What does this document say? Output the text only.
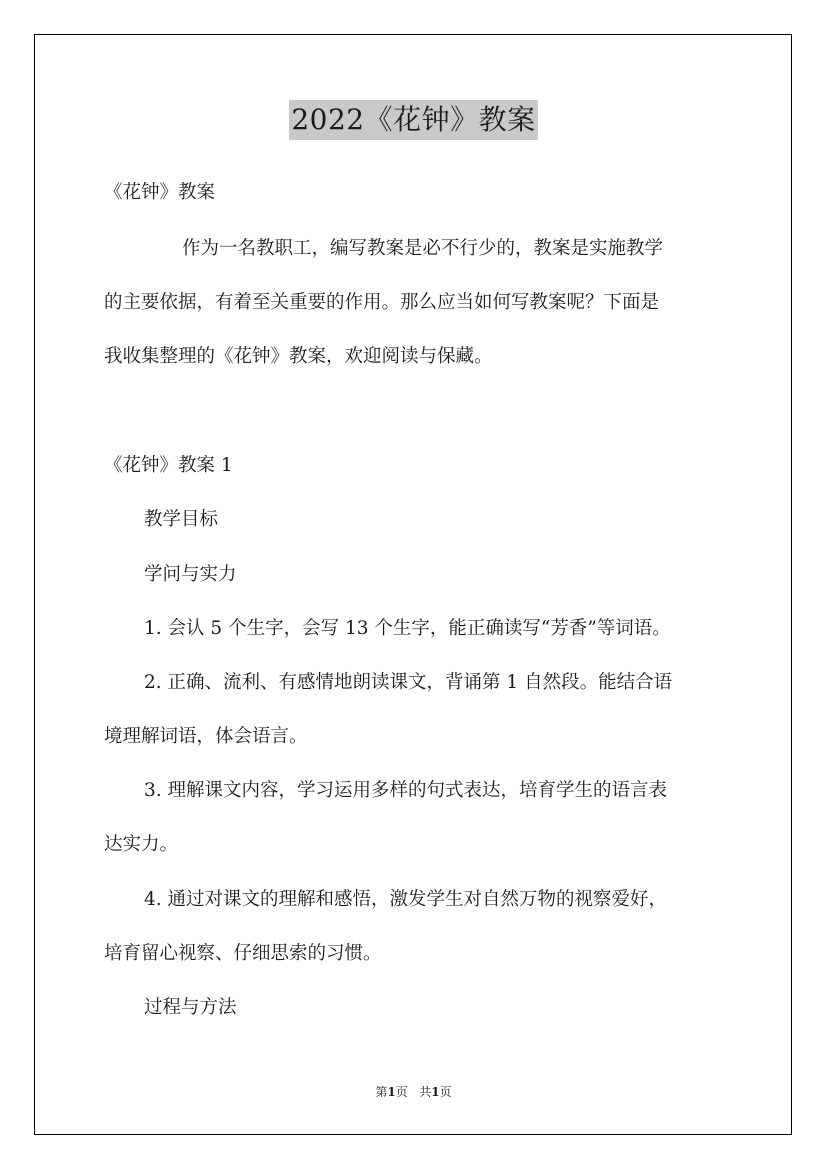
2022《花钟》教案
《花钟》教案
作为一名教职工，编写教案是必不行少的，教案是实施教学
的主要依据，有着至关重要的作用。那么应当如何写教案呢？下面是
我收集整理的《花钟》教案，欢迎阅读与保藏。
《花钟》教案 1
教学目标
学问与实力
1. 会认 5 个生字，会写 13 个生字，能正确读写“芳香”等词语。
2. 正确、流利、有感情地朗读课文，背诵第 1 自然段。能结合语
境理解词语，体会语言。
3. 理解课文内容，学习运用多样的句式表达，培育学生的语言表
达实力。
4. 通过对课文的理解和感悟，激发学生对自然万物的视察爱好，
培育留心视察、仔细思索的习惯。
过程与方法
第1页 共1页
